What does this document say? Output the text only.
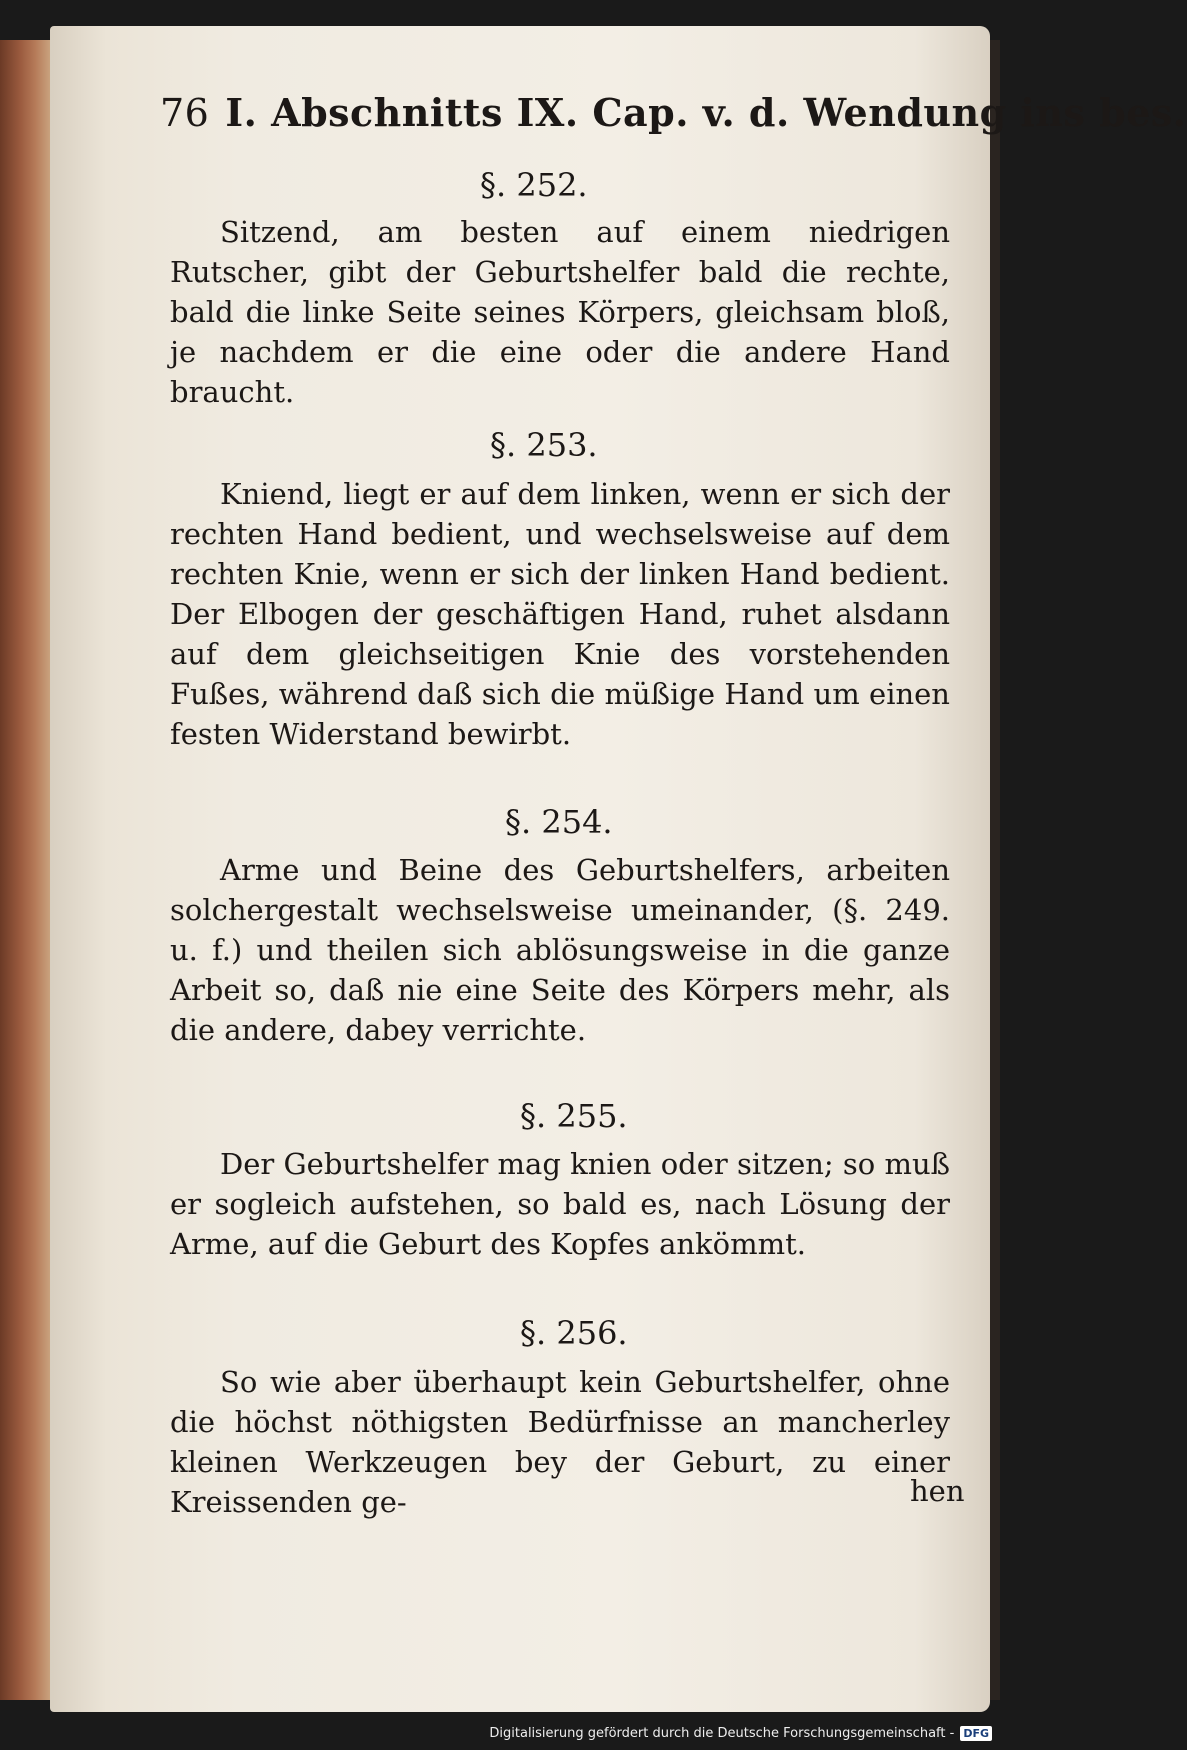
76 I. Abschnitts IX. Cap. v. d. Wendung ins bes.
§. 252.
Sitzend, am besten auf einem niedrigen Rutscher, gibt der Geburtshelfer bald die rechte, bald die linke Seite seines Körpers, gleichsam bloß, je nachdem er die eine oder die andere Hand braucht.
§. 253.
Kniend, liegt er auf dem linken, wenn er sich der rechten Hand bedient, und wechselsweise auf dem rechten Knie, wenn er sich der linken Hand bedient. Der Elbogen der geschäftigen Hand, ruhet alsdann auf dem gleichseitigen Knie des vorstehenden Fußes, während daß sich die müßige Hand um einen festen Widerstand bewirbt.
§. 254.
Arme und Beine des Geburtshelfers, arbeiten solchergestalt wechselsweise umeinander, (§. 249. u. f.) und theilen sich ablösungsweise in die ganze Arbeit so, daß nie eine Seite des Körpers mehr, als die andere, dabey verrichte.
§. 255.
Der Geburtshelfer mag knien oder sitzen; so muß er sogleich aufstehen, so bald es, nach Lösung der Arme, auf die Geburt des Kopfes ankömmt.
§. 256.
So wie aber überhaupt kein Geburtshelfer, ohne die höchst nöthigsten Bedürfnisse an mancherley kleinen Werkzeugen bey der Geburt, zu einer Kreissenden ge-	hen
Digitalisierung gefördert durch die Deutsche Forschungsgemeinschaft - DFG
